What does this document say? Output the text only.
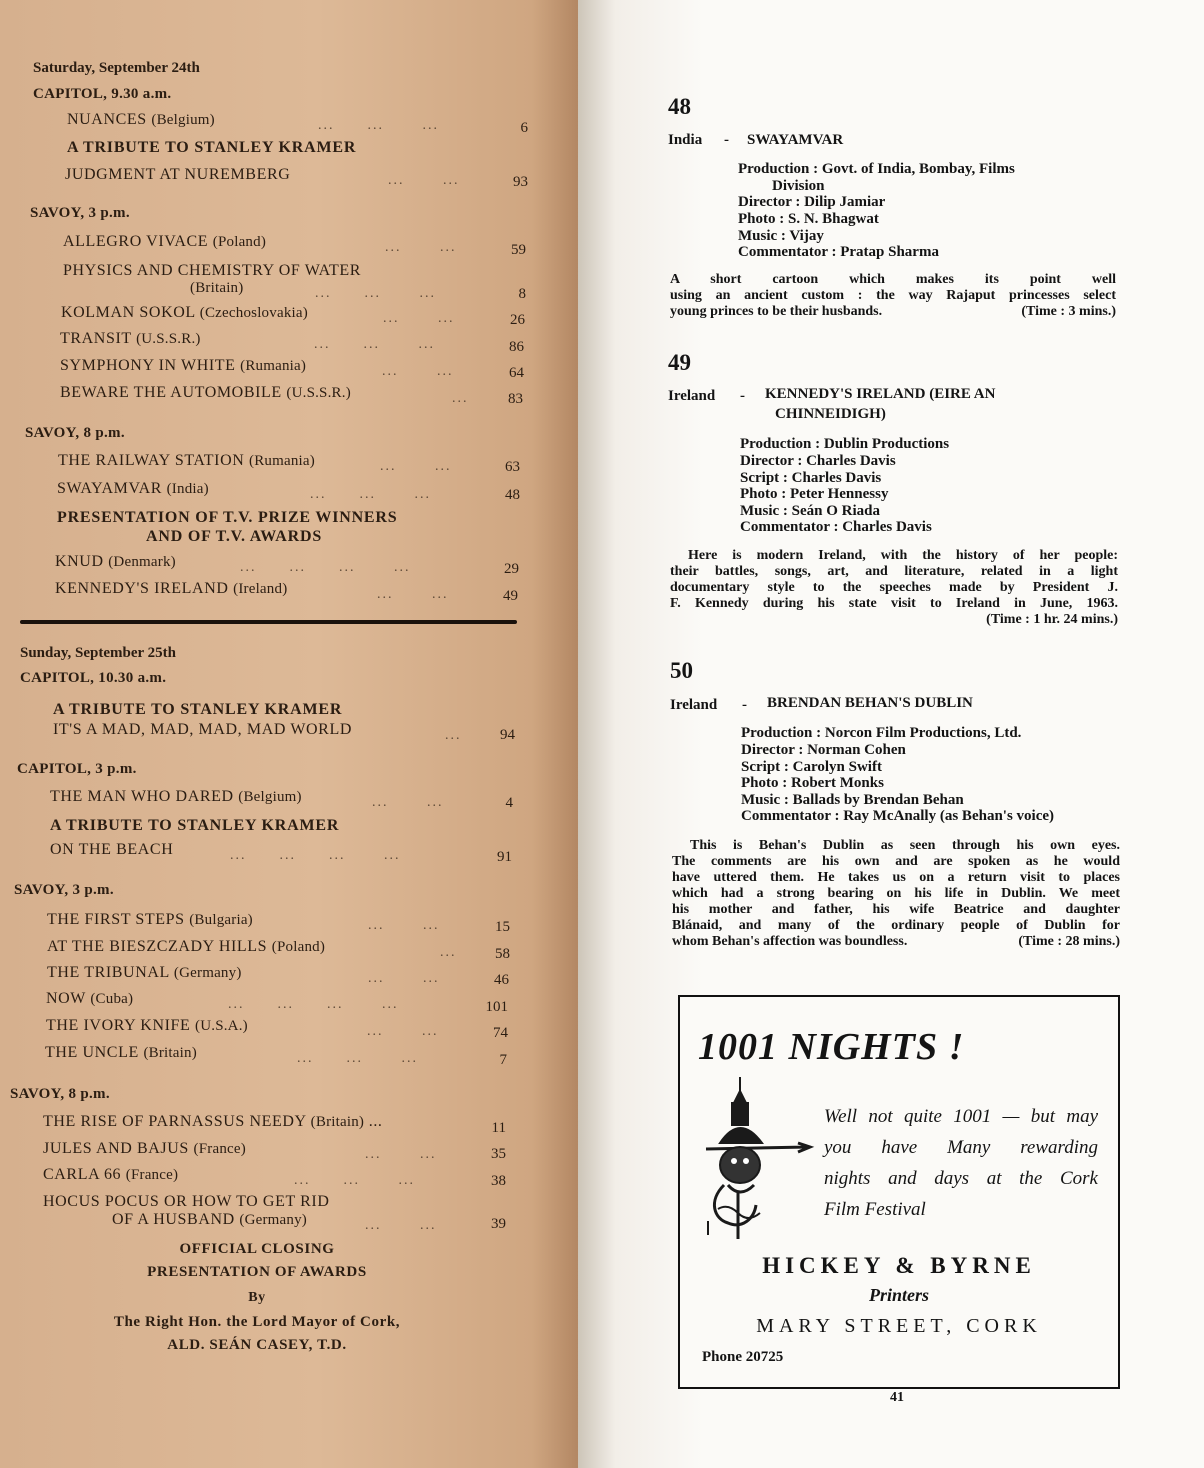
Saturday, September 24th
CAPITOL, 9.30 a.m.
NUANCES (Belgium)	...      ...       ...	6
A TRIBUTE TO STANLEY KRAMER
JUDGMENT AT NUREMBERG	...       ...	93
SAVOY, 3 p.m.
ALLEGRO VIVACE (Poland)	...       ...	59
PHYSICS AND CHEMISTRY OF WATER
(Britain)	...      ...       ...	8
KOLMAN SOKOL (Czechoslovakia)	...       ...	26
TRANSIT (U.S.S.R.)	...      ...       ...	86
SYMPHONY IN WHITE (Rumania)	...       ...	64
BEWARE THE AUTOMOBILE (U.S.S.R.)	...	83
SAVOY, 8 p.m.
THE RAILWAY STATION (Rumania)	...       ...	63
SWAYAMVAR (India)	...      ...       ...	48
PRESENTATION OF T.V. PRIZE WINNERS
AND OF T.V. AWARDS
KNUD (Denmark)	...      ...      ...       ...	29
KENNEDY'S IRELAND (Ireland)	...       ...	49
Sunday, September 25th
CAPITOL, 10.30 a.m.
A TRIBUTE TO STANLEY KRAMER
IT'S A MAD, MAD, MAD, MAD WORLD	...	94
CAPITOL, 3 p.m.
THE MAN WHO DARED (Belgium)	...       ...	4
A TRIBUTE TO STANLEY KRAMER
ON THE BEACH	...      ...      ...       ...	91
SAVOY, 3 p.m.
THE FIRST STEPS (Bulgaria)	...       ...	15
AT THE BIESZCZADY HILLS (Poland)	...	58
THE TRIBUNAL (Germany)	...       ...	46
NOW (Cuba)	...      ...      ...       ...	101
THE IVORY KNIFE (U.S.A.)	...       ...	74
THE UNCLE (Britain)	...      ...       ...	7
SAVOY, 8 p.m.
THE RISE OF PARNASSUS NEEDY (Britain) ...	11
JULES AND BAJUS (France)	...       ...	35
CARLA 66 (France)	...      ...       ...	38
HOCUS POCUS OR HOW TO GET RID
OF A HUSBAND (Germany)	...       ...	39
OFFICIAL CLOSING
PRESENTATION OF AWARDS
By
The Right Hon. the Lord Mayor of Cork,
ALD. SEÁN CASEY, T.D.
48
India - SWAYAMVAR
Production : Govt. of India, Bombay, Films
Division
Director : Dilip Jamiar
Photo : S. N. Bhagwat
Music : Vijay
Commentator : Pratap Sharma
A short cartoon which makes its point well
using an ancient custom : the way Rajaput princesses select
young princes to be their husbands.	(Time : 3 mins.)
49
Ireland - KENNEDY'S IRELAND (EIRE AN
CHINNEIDIGH)
Production : Dublin Productions
Director : Charles Davis
Script : Charles Davis
Photo : Peter Hennessy
Music : Seán O Riada
Commentator : Charles Davis
Here is modern Ireland, with the history of her people:
their battles, songs, art, and literature, related in a light
documentary style to the speeches made by President J.
F. Kennedy during his state visit to Ireland in June, 1963.
(Time : 1 hr. 24 mins.)
50
Ireland - BRENDAN BEHAN'S DUBLIN
Production : Norcon Film Productions, Ltd.
Director : Norman Cohen
Script : Carolyn Swift
Photo : Robert Monks
Music : Ballads by Brendan Behan
Commentator : Ray McAnally (as Behan's voice)
This is Behan's Dublin as seen through his own eyes.
The comments are his own and are spoken as he would
have uttered them. He takes us on a return visit to places
which had a strong bearing on his life in Dublin. We meet
his mother and father, his wife Beatrice and daughter
Blánaid, and many of the ordinary people of Dublin for
whom Behan's affection was boundless.	(Time : 28 mins.)
1001 NIGHTS !
Well not quite 1001 — but may
you have Many rewarding
nights and days at the Cork
Film Festival
HICKEY & BYRNE
Printers
MARY STREET, CORK
Phone 20725
41
